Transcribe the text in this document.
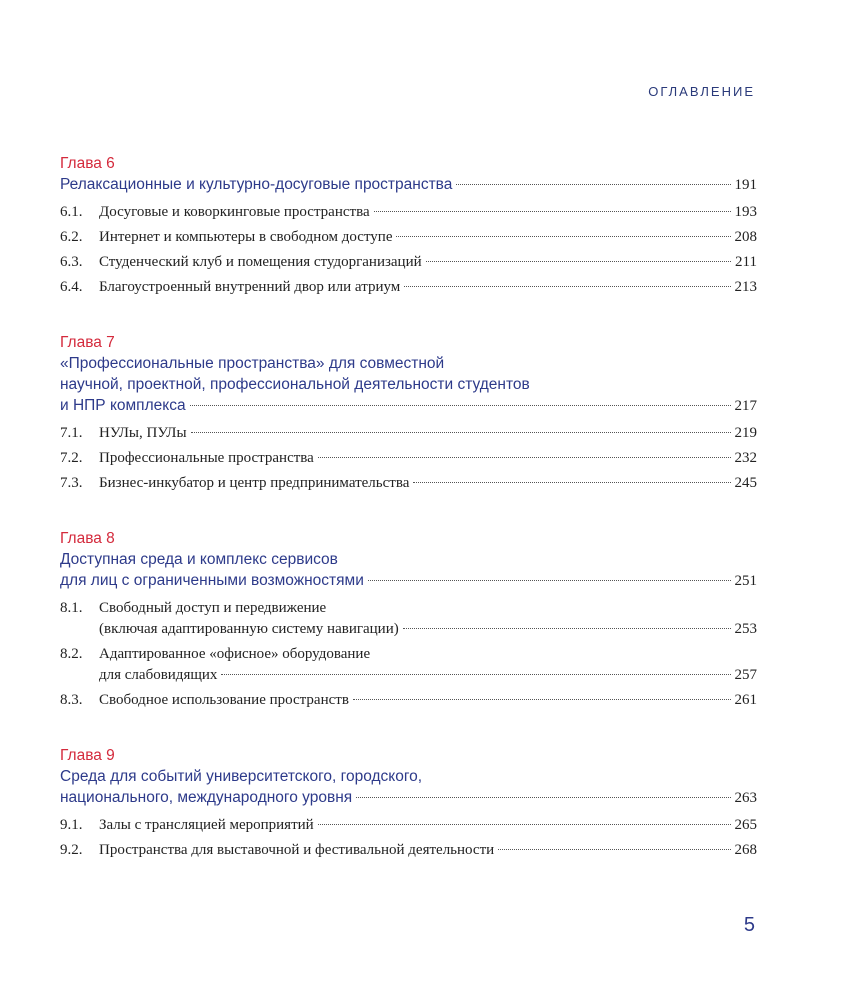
ОГЛАВЛЕНИЕ
Глава 6
Релаксационные и культурно-досуговые пространства	191
6.1.	Досуговые и коворкинговые пространства	193
6.2.	Интернет и компьютеры в свободном доступе	208
6.3.	Студенческий клуб и помещения студорганизаций	211
6.4.	Благоустроенный внутренний двор или атриум	213
Глава 7
«Профессиональные пространства» для совместной
научной, проектной, профессиональной деятельности студентов
и НПР комплекса	217
7.1.	НУЛы, ПУЛы	219
7.2.	Профессиональные пространства	232
7.3.	Бизнес-инкубатор и центр предпринимательства	245
Глава 8
Доступная среда и комплекс сервисов
для лиц с ограниченными возможностями	251
8.1.	Свободный доступ и передвижение
(включая адаптированную систему навигации)	253
8.2.	Адаптированное «офисное» оборудование
для слабовидящих	257
8.3.	Свободное использование пространств	261
Глава 9
Среда для событий университетского, городского,
национального, международного уровня	263
9.1.	Залы с трансляцией мероприятий	265
9.2.	Пространства для выставочной и фестивальной деятельности	268
5
